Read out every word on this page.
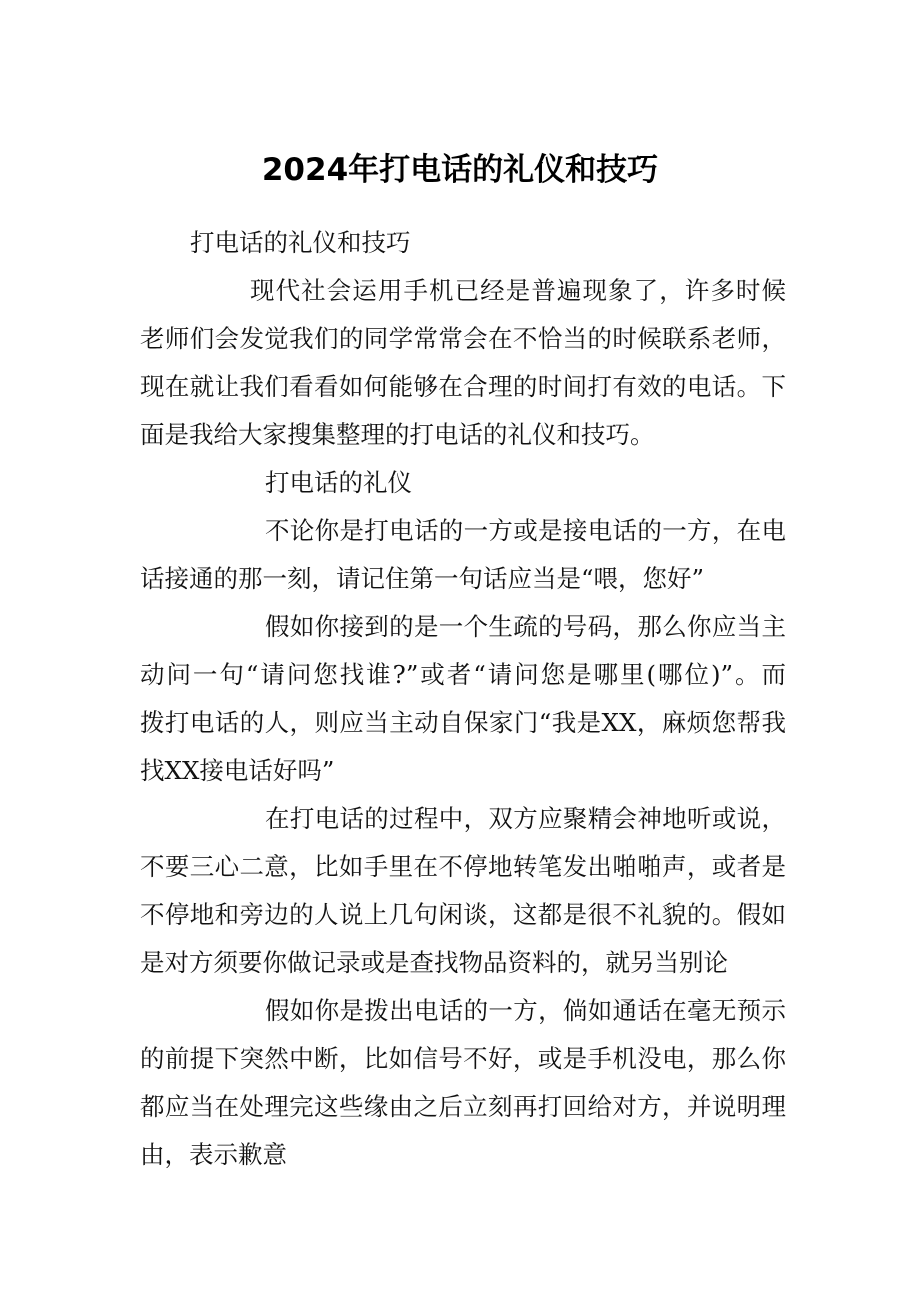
2024年打电话的礼仪和技巧
打电话的礼仪和技巧
现代社会运用手机已经是普遍现象了，许多时候
老师们会发觉我们的同学常常会在不恰当的时候联系老师，
现在就让我们看看如何能够在合理的时间打有效的电话。下
面是我给大家搜集整理的打电话的礼仪和技巧。
打电话的礼仪
不论你是打电话的一方或是接电话的一方，在电
话接通的那一刻，请记住第一句话应当是“喂，您好”
假如你接到的是一个生疏的号码，那么你应当主
动问一句“请问您找谁?”或者“请问您是哪里(哪位)”。而
拨打电话的人，则应当主动自保家门“我是XX，麻烦您帮我
找XX接电话好吗”
在打电话的过程中，双方应聚精会神地听或说，
不要三心二意，比如手里在不停地转笔发出啪啪声，或者是
不停地和旁边的人说上几句闲谈，这都是很不礼貌的。假如
是对方须要你做记录或是查找物品资料的，就另当别论
假如你是拨出电话的一方，倘如通话在毫无预示
的前提下突然中断，比如信号不好，或是手机没电，那么你
都应当在处理完这些缘由之后立刻再打回给对方，并说明理
由，表示歉意
